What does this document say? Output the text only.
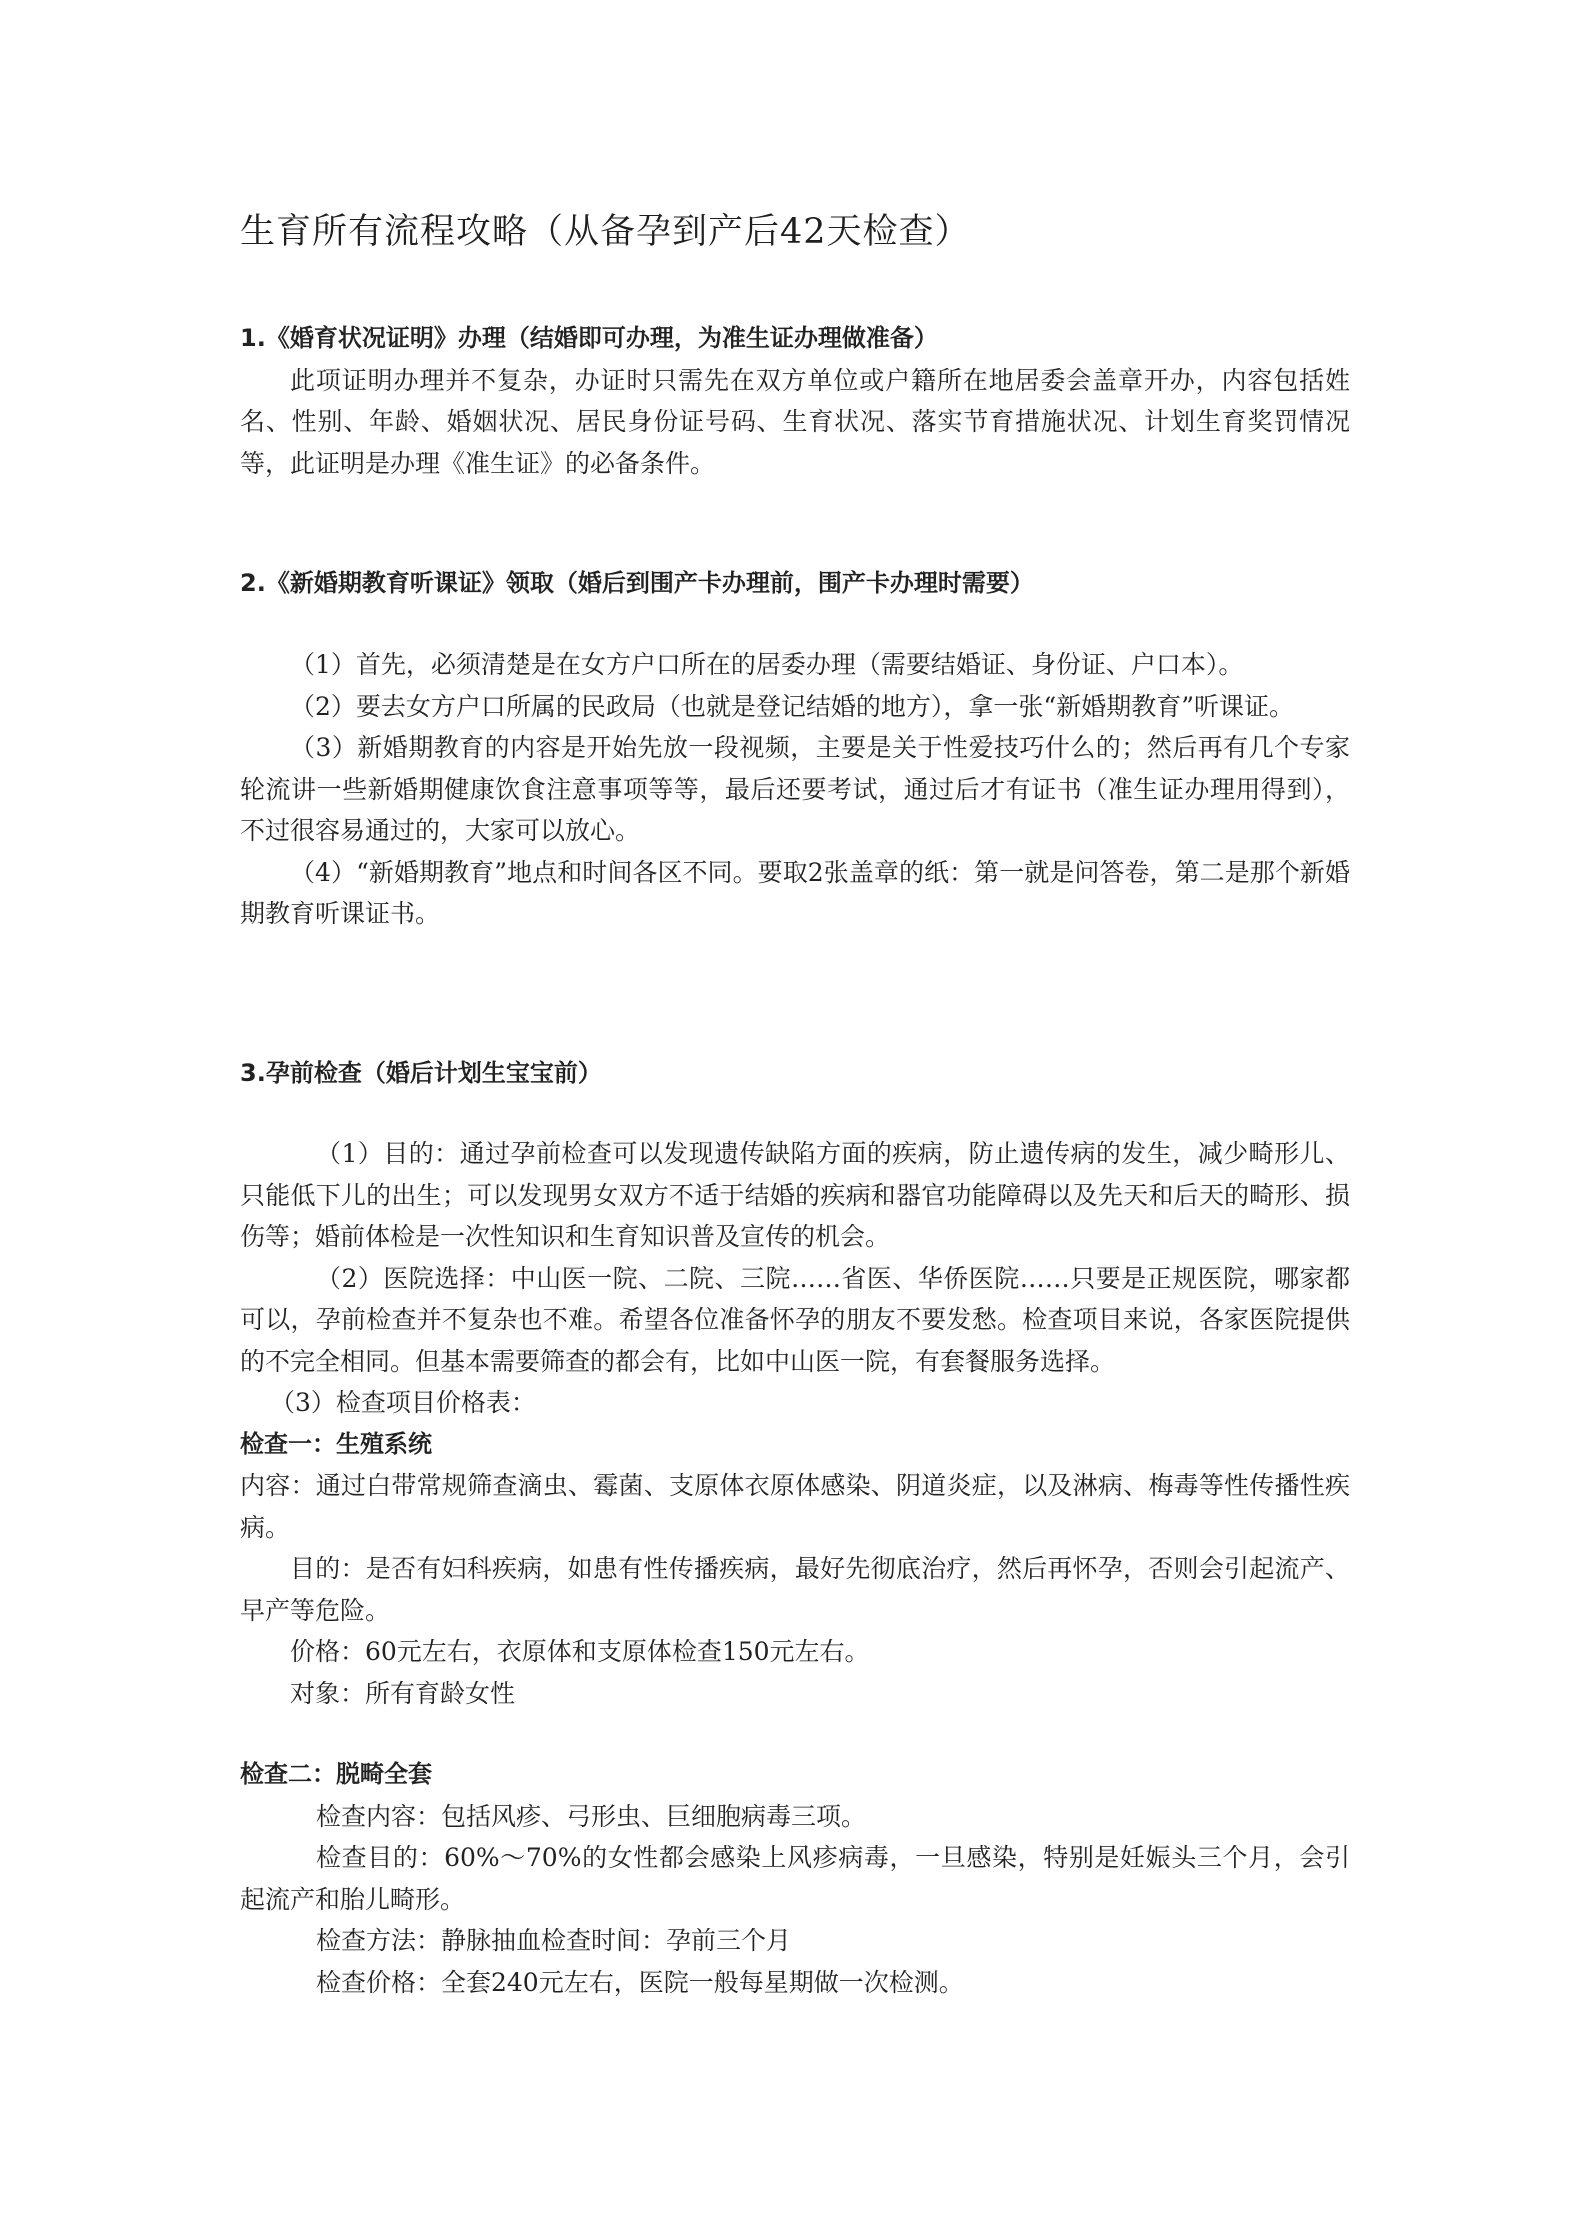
生育所有流程攻略（从备孕到产后42天检查）

1.《婚育状况证明》办理（结婚即可办理，为准生证办理做准备）

此项证明办理并不复杂，办证时只需先在双方单位或户籍所在地居委会盖章开办，内容包括姓名、性别、年龄、婚姻状况、居民身份证号码、生育状况、落实节育措施状况、计划生育奖罚情况等，此证明是办理《准生证》的必备条件。

2.《新婚期教育听课证》领取（婚后到围产卡办理前，围产卡办理时需要）

（1）首先，必须清楚是在女方户口所在的居委办理（需要结婚证、身份证、户口本）。

（2）要去女方户口所属的民政局（也就是登记结婚的地方），拿一张“新婚期教育”听课证。

（3）新婚期教育的内容是开始先放一段视频，主要是关于性爱技巧什么的；然后再有几个专家轮流讲一些新婚期健康饮食注意事项等等，最后还要考试，通过后才有证书（准生证办理用得到），不过很容易通过的，大家可以放心。

（4）“新婚期教育”地点和时间各区不同。要取2张盖章的纸：第一就是问答卷，第二是那个新婚期教育听课证书。

3.孕前检查（婚后计划生宝宝前）

（1）目的：通过孕前检查可以发现遗传缺陷方面的疾病，防止遗传病的发生，减少畸形儿、只能低下儿的出生；可以发现男女双方不适于结婚的疾病和器官功能障碍以及先天和后天的畸形、损伤等；婚前体检是一次性知识和生育知识普及宣传的机会。

（2）医院选择：中山医一院、二院、三院……省医、华侨医院……只要是正规医院，哪家都可以，孕前检查并不复杂也不难。希望各位准备怀孕的朋友不要发愁。检查项目来说，各家医院提供的不完全相同。但基本需要筛查的都会有，比如中山医一院，有套餐服务选择。

（3）检查项目价格表：

检查一：生殖系统

内容：通过白带常规筛查滴虫、霉菌、支原体衣原体感染、阴道炎症，以及淋病、梅毒等性传播性疾病。

目的：是否有妇科疾病，如患有性传播疾病，最好先彻底治疗，然后再怀孕，否则会引起流产、早产等危险。

价格：60元左右，衣原体和支原体检查150元左右。

对象：所有育龄女性

检查二：脱畸全套

检查内容：包括风疹、弓形虫、巨细胞病毒三项。

检查目的：60%～70%的女性都会感染上风疹病毒，一旦感染，特别是妊娠头三个月，会引起流产和胎儿畸形。

检查方法：静脉抽血检查时间：孕前三个月

检查价格：全套240元左右，医院一般每星期做一次检测。
